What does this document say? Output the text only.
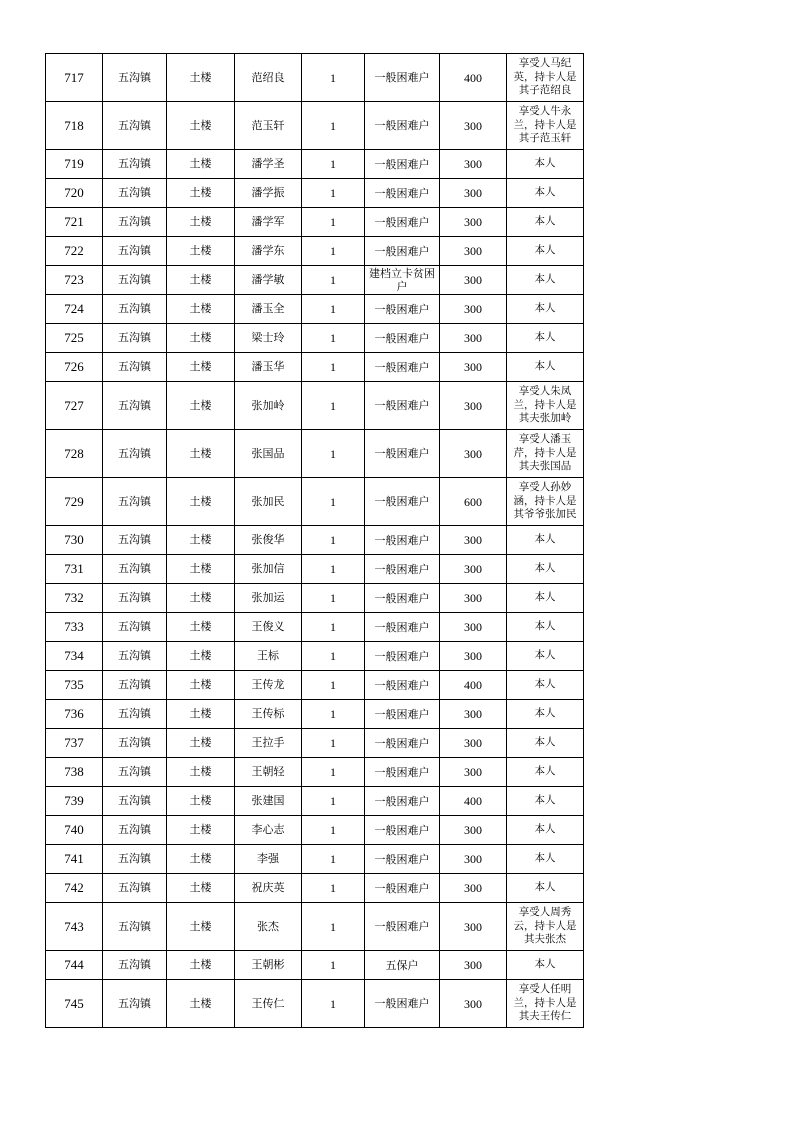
717	五沟镇	土楼	范绍良	1	一般困难户	400	享受人马纪
英，持卡人是
其子范绍良

718	五沟镇	土楼	范玉轩	1	一般困难户	300	享受人牛永
兰，持卡人是
其子范玉轩

719	五沟镇	土楼	潘学圣	1	一般困难户	300	本人

720	五沟镇	土楼	潘学振	1	一般困难户	300	本人

721	五沟镇	土楼	潘学军	1	一般困难户	300	本人

722	五沟镇	土楼	潘学东	1	一般困难户	300	本人

723	五沟镇	土楼	潘学敏	1	建档立卡贫困户	300	本人

724	五沟镇	土楼	潘玉全	1	一般困难户	300	本人

725	五沟镇	土楼	梁士玲	1	一般困难户	300	本人

726	五沟镇	土楼	潘玉华	1	一般困难户	300	本人

727	五沟镇	土楼	张加岭	1	一般困难户	300	享受人朱凤
兰，持卡人是
其夫张加岭

728	五沟镇	土楼	张国品	1	一般困难户	300	享受人潘玉
芹，持卡人是
其夫张国品

729	五沟镇	土楼	张加民	1	一般困难户	600	享受人孙妙
涵，持卡人是
其爷爷张加民

730	五沟镇	土楼	张俊华	1	一般困难户	300	本人

731	五沟镇	土楼	张加信	1	一般困难户	300	本人

732	五沟镇	土楼	张加运	1	一般困难户	300	本人

733	五沟镇	土楼	王俊义	1	一般困难户	300	本人

734	五沟镇	土楼	王标	1	一般困难户	300	本人

735	五沟镇	土楼	王传龙	1	一般困难户	400	本人

736	五沟镇	土楼	王传标	1	一般困难户	300	本人

737	五沟镇	土楼	王拉手	1	一般困难户	300	本人

738	五沟镇	土楼	王朝轻	1	一般困难户	300	本人

739	五沟镇	土楼	张建国	1	一般困难户	400	本人

740	五沟镇	土楼	李心志	1	一般困难户	300	本人

741	五沟镇	土楼	李强	1	一般困难户	300	本人

742	五沟镇	土楼	祝庆英	1	一般困难户	300	本人

743	五沟镇	土楼	张杰	1	一般困难户	300	享受人周秀
云，持卡人是
其夫张杰

744	五沟镇	土楼	王朝彬	1	五保户	300	本人

745	五沟镇	土楼	王传仁	1	一般困难户	300	享受人任明
兰，持卡人是
其夫王传仁
